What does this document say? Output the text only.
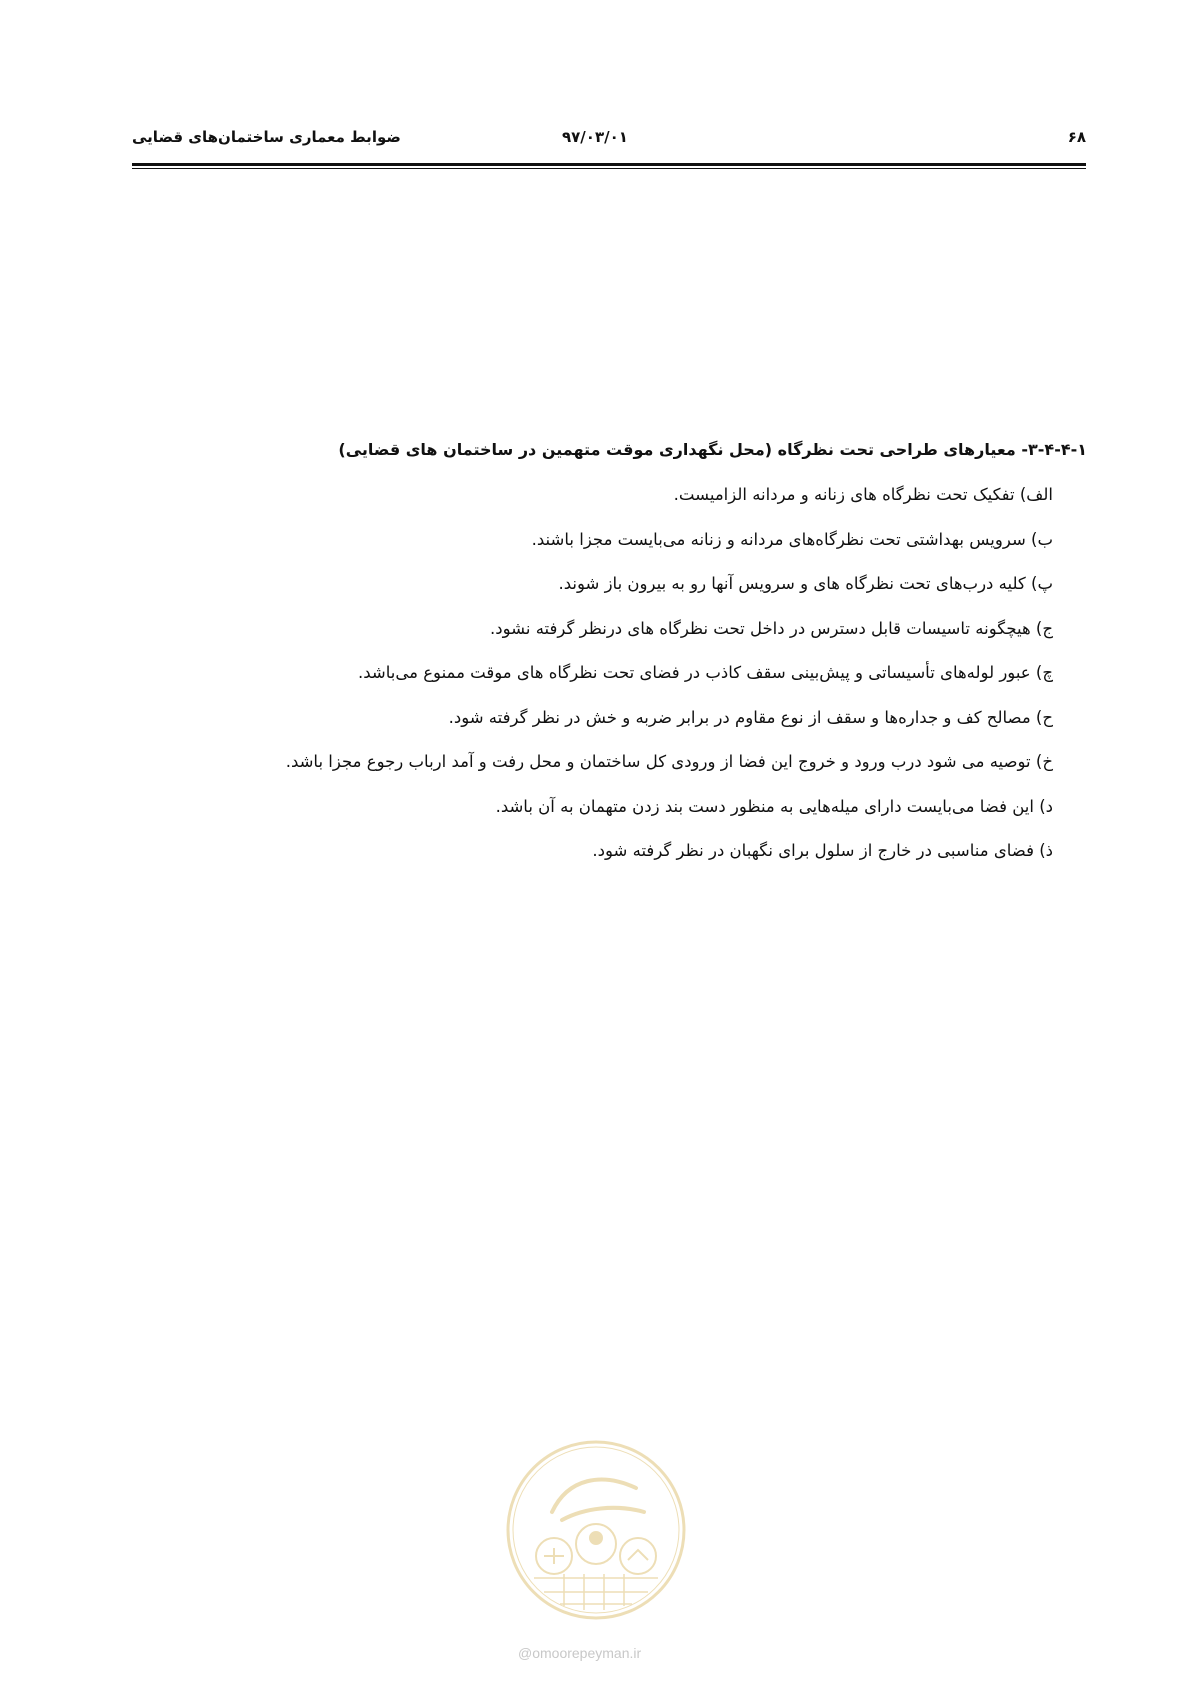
۶۸
۹۷/۰۳/۰۱
ضوابط معماری ساختمان‌های قضایی
۳-۴-۴-۱- معیارهای طراحی تحت نظرگاه (محل نگهداری موقت متهمین در ساختمان های قضایی)
الف) تفکیک تحت نظرگاه های زنانه و مردانه الزامیست.
ب) سرویس بهداشتی تحت نظرگاه‌های مردانه و زنانه می‌بایست مجزا باشند.
پ) کلیه درب‌های تحت نظرگاه های و سرویس آنها رو به بیرون باز شوند.
ج) هیچگونه تاسیسات قابل دسترس در داخل تحت نظرگاه های درنظر گرفته نشود.
چ) عبور لوله‌های تأسیساتی و پیش‌بینی سقف کاذب در فضای تحت نظرگاه های موقت ممنوع می‌باشد.
ح) مصالح کف و جداره‌ها و سقف از نوع مقاوم در برابر ضربه و خش در نظر گرفته شود.
خ) توصیه می شود درب ورود و خروج این فضا از ورودی کل ساختمان و محل رفت و آمد ارباب رجوع مجزا باشد.
د) این فضا می‌بایست دارای میله‌هایی به منظور دست بند زدن متهمان به آن باشد.
ذ) فضای مناسبی در خارج از سلول برای نگهبان در نظر گرفته شود.
@omoorepeyman.ir
